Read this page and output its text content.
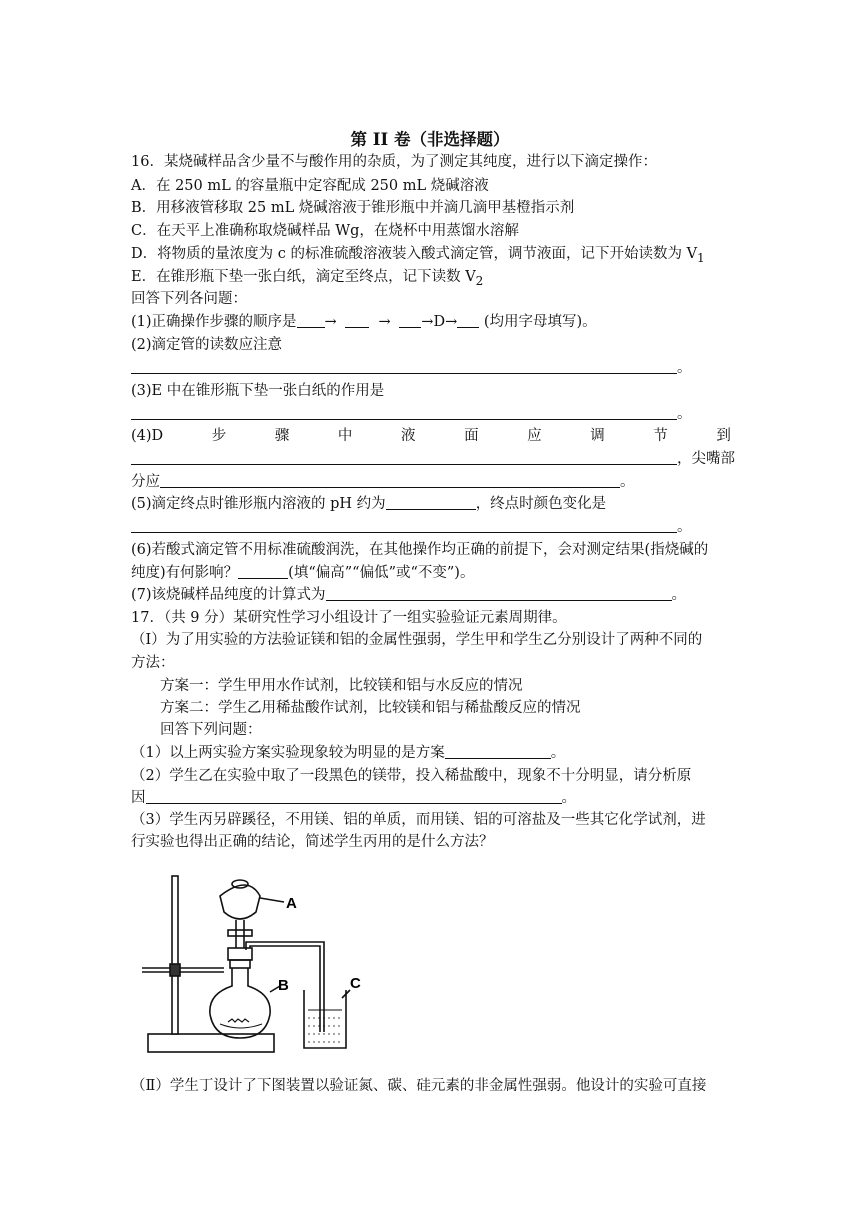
第 II 卷（非选择题）
16．某烧碱样品含少量不与酸作用的杂质，为了测定其纯度，进行以下滴定操作：
A．在 250 mL 的容量瓶中定容配成 250 mL 烧碱溶液
B．用移液管移取 25 mL 烧碱溶液于锥形瓶中并滴几滴甲基橙指示剂
C．在天平上准确称取烧碱样品 Wg，在烧杯中用蒸馏水溶解
D．将物质的量浓度为 c 的标准硫酸溶液装入酸式滴定管，调节液面，记下开始读数为 $V_1$
E．在锥形瓶下垫一张白纸，滴定至终点，记下读数 $V_2$
回答下列各问题：
(1)正确操作步骤的顺序是 →	→ →D→ (均用字母填写)。
(2)滴定管的读数应注意
。
(3)E 中在锥形瓶下垫一张白纸的作用是
。
(4)D	步	骤	中	液	面	应	调	节	到
，尖嘴部
分应	。
(5)滴定终点时锥形瓶内溶液的 pH 约为	，终点时颜色变化是
。
(6)若酸式滴定管不用标准硫酸润洗，在其他操作均正确的前提下，会对测定结果(指烧碱的
纯度)有何影响？	(填“偏高”“偏低”或“不变”)。
(7)该烧碱样品纯度的计算式为	。
17．（共 9 分）某研究性学习小组设计了一组实验验证元素周期律。
（Ⅰ）为了用实验的方法验证镁和铝的金属性强弱，学生甲和学生乙分别设计了两种不同的
方法：
方案一：学生甲用水作试剂，比较镁和铝与水反应的情况
方案二：学生乙用稀盐酸作试剂，比较镁和铝与稀盐酸反应的情况
回答下列问题：
（1）以上两实验方案实验现象较为明显的是方案	。
（2）学生乙在实验中取了一段黑色的镁带，投入稀盐酸中，现象不十分明显，请分析原
因	。
（3）学生丙另辟蹊径，不用镁、铝的单质，而用镁、铝的可溶盐及一些其它化学试剂，进
行实验也得出正确的结论，简述学生丙用的是什么方法？
A
B	C
（Ⅱ）学生丁设计了下图装置以验证氮、碳、硅元素的非金属性强弱。他设计的实验可直接
